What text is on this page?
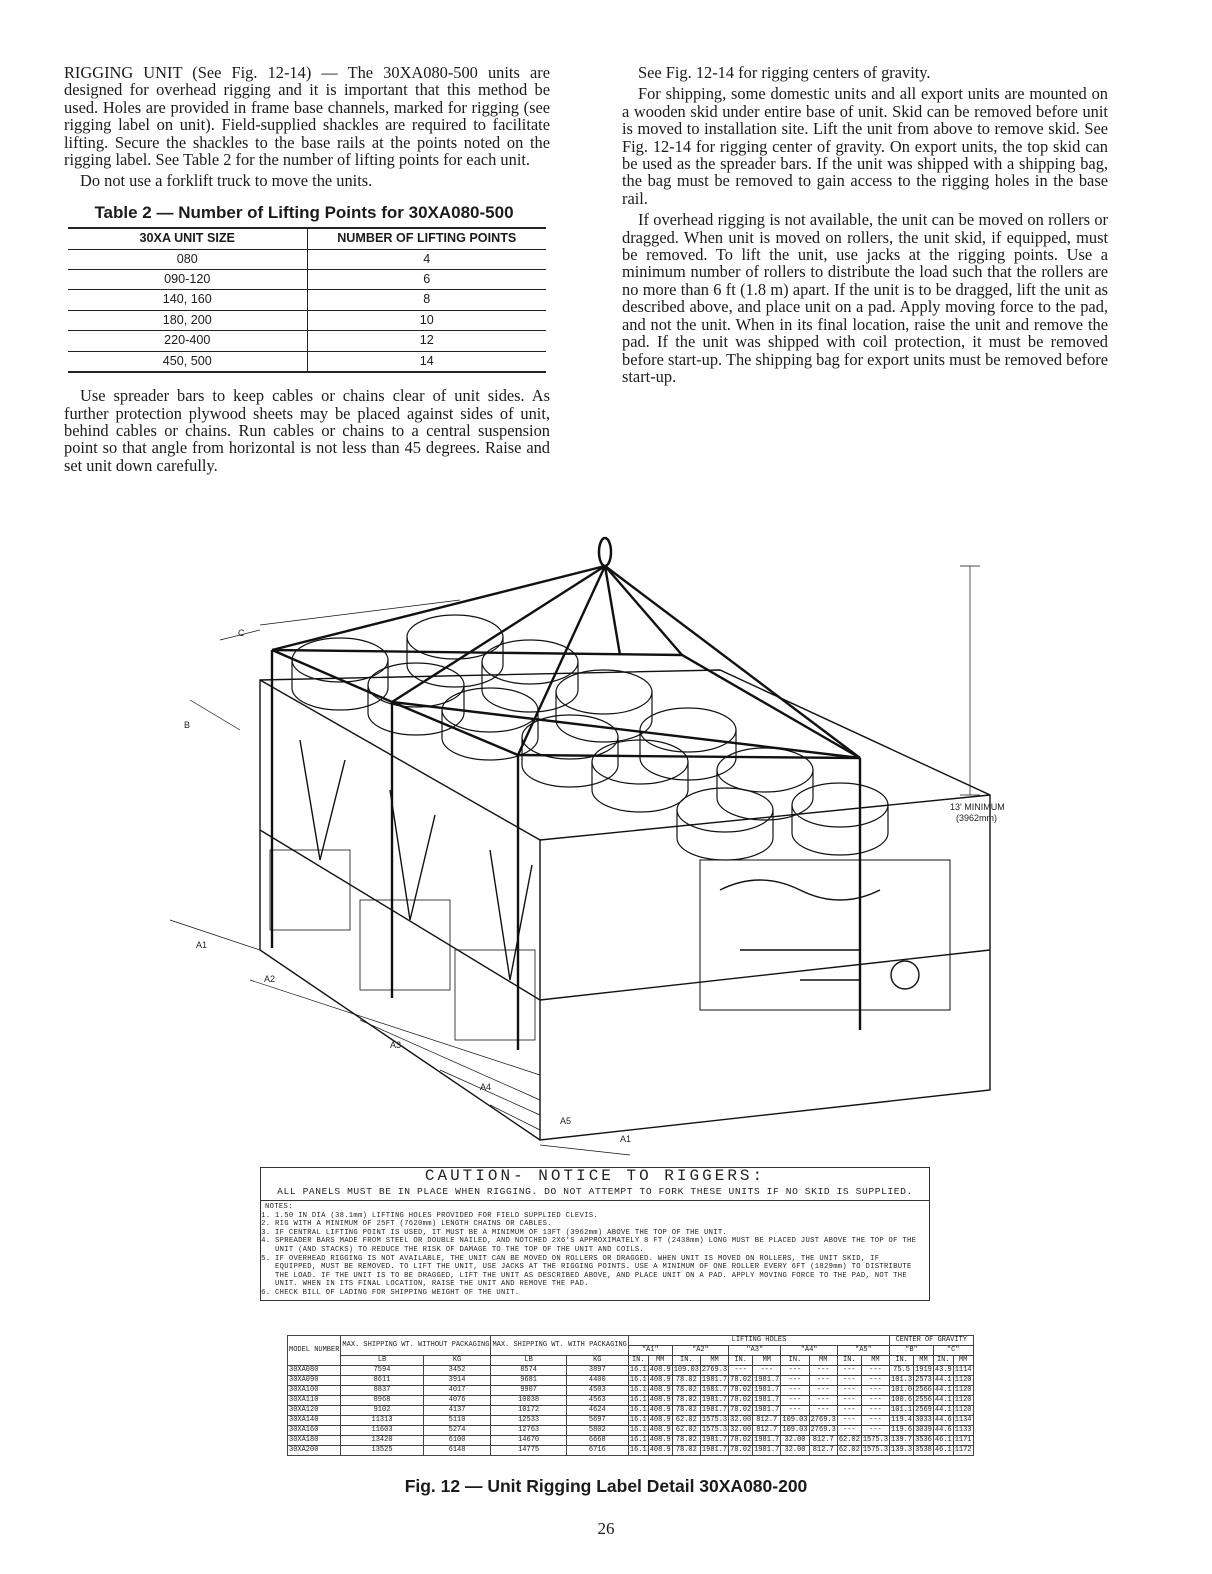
RIGGING UNIT (See Fig. 12-14) — The 30XA080-500 units are designed for overhead rigging and it is important that this method be used. Holes are provided in frame base channels, marked for rigging (see rigging label on unit). Field-supplied shackles are required to facilitate lifting. Secure the shackles to the base rails at the points noted on the rigging label. See Table 2 for the number of lifting points for each unit.

Do not use a forklift truck to move the units.

Table 2 — Number of Lifting Points for 30XA080-500
30XA UNIT SIZE	NUMBER OF LIFTING POINTS
080	4
090-120	6
140, 160	8
180, 200	10
220-400	12
450, 500	14

Use spreader bars to keep cables or chains clear of unit sides. As further protection plywood sheets may be placed against sides of unit, behind cables or chains. Run cables or chains to a central suspension point so that angle from horizontal is not less than 45 degrees. Raise and set unit down carefully.

See Fig. 12-14 for rigging centers of gravity.

For shipping, some domestic units and all export units are mounted on a wooden skid under entire base of unit. Skid can be removed before unit is moved to installation site. Lift the unit from above to remove skid. See Fig. 12-14 for rigging center of gravity. On export units, the top skid can be used as the spreader bars. If the unit was shipped with a shipping bag, the bag must be removed to gain access to the rigging holes in the base rail.

If overhead rigging is not available, the unit can be moved on rollers or dragged. When unit is moved on rollers, the unit skid, if equipped, must be removed. To lift the unit, use jacks at the rigging points. Use a minimum number of rollers to distribute the load such that the rollers are no more than 6 ft (1.8 m) apart. If the unit is to be dragged, lift the unit as described above, and place unit on a pad. Apply moving force to the pad, and not the unit. When in its final location, raise the unit and remove the pad. If the unit was shipped with coil protection, it must be removed before start-up. The shipping bag for export units must be removed before start-up.

C
B
A1
A2
A3
A4
A5
A1
13' MINIMUM
(3962mm)
CAUTION- NOTICE TO RIGGERS:
ALL PANELS MUST BE IN PLACE WHEN RIGGING. DO NOT ATTEMPT TO FORK THESE UNITS IF NO SKID IS SUPPLIED.
NOTES:
1. 1.50 IN DIA (38.1mm) LIFTING HOLES PROVIDED FOR FIELD SUPPLIED CLEVIS.
2. RIG WITH A MINIMUM OF 25FT (7620mm) LENGTH CHAINS OR CABLES.
3. IF CENTRAL LIFTING POINT IS USED, IT MUST BE A MINIMUM OF 13FT (3962mm) ABOVE THE TOP OF THE UNIT.
4. SPREADER BARS MADE FROM STEEL OR DOUBLE NAILED, AND NOTCHED 2X6'S APPROXIMATELY 8 FT (2438mm) LONG MUST BE PLACED JUST ABOVE THE TOP OF THE UNIT (AND STACKS) TO REDUCE THE RISK OF DAMAGE TO THE TOP OF THE UNIT AND COILS.
5. IF OVERHEAD RIGGING IS NOT AVAILABLE, THE UNIT CAN BE MOVED ON ROLLERS OR DRAGGED. WHEN UNIT IS MOVED ON ROLLERS, THE UNIT SKID, IF EQUIPPED, MUST BE REMOVED. TO LIFT THE UNIT, USE JACKS AT THE RIGGING POINTS. USE A MINIMUM OF ONE ROLLER EVERY 6FT (1829mm) TO DISTRIBUTE THE LOAD. IF THE UNIT IS TO BE DRAGGED, LIFT THE UNIT AS DESCRIBED ABOVE, AND PLACE UNIT ON A PAD. APPLY MOVING FORCE TO THE PAD, NOT THE UNIT. WHEN IN ITS FINAL LOCATION, RAISE THE UNIT AND REMOVE THE PAD.
6. CHECK BILL OF LADING FOR SHIPPING WEIGHT OF THE UNIT.
MODEL NUMBER	MAX. SHIPPING WT. WITHOUT PACKAGING		MAX. SHIPPING WT. WITH PACKAGING		LIFTING HOLES										CENTER OF GRAVITY			
					"A1"		"A2"		"A3"		"A4"		"A5"		"B"		"C"	
	LB	KG	LB	KG	IN.	MM	IN.	MM	IN.	MM	IN.	MM	IN.	MM	IN.	MM	IN.	MM
30XA080	7594	3452	8574	3897	16.1	408.9	109.03	2769.3	---	---	---	---	---	---	75.5	1919	43.9	1114
30XA090	8611	3914	9681	4400	16.1	408.9	78.02	1981.7	78.02	1981.7	---	---	---	---	101.3	2573	44.1	1120
30XA100	8837	4017	9907	4503	16.1	408.9	78.02	1981.7	78.02	1981.7	---	---	---	---	101.0	2566	44.1	1120
30XA110	8968	4076	10038	4563	16.1	408.9	78.02	1981.7	78.02	1981.7	---	---	---	---	100.6	2556	44.1	1120
30XA120	9102	4137	10172	4624	16.1	408.9	78.02	1981.7	78.02	1981.7	---	---	---	---	101.1	2569	44.1	1120
30XA140	11313	5110	12533	5697	16.1	408.9	62.02	1575.3	32.00	812.7	109.03	2769.3	---	---	119.4	3033	44.6	1134
30XA160	11603	5274	12763	5802	16.1	408.9	62.02	1575.3	32.00	812.7	109.03	2769.3	---	---	119.6	3039	44.6	1133
30XA180	13420	6100	14670	6668	16.1	408.9	78.02	1981.7	78.02	1981.7	32.00	812.7	62.02	1575.3	139.7	3536	46.1	1171
30XA200	13525	6148	14775	6716	16.1	408.9	78.02	1981.7	78.02	1981.7	32.00	812.7	62.02	1575.3	139.3	3538	46.1	1172
Fig. 12 — Unit Rigging Label Detail 30XA080-200
26
